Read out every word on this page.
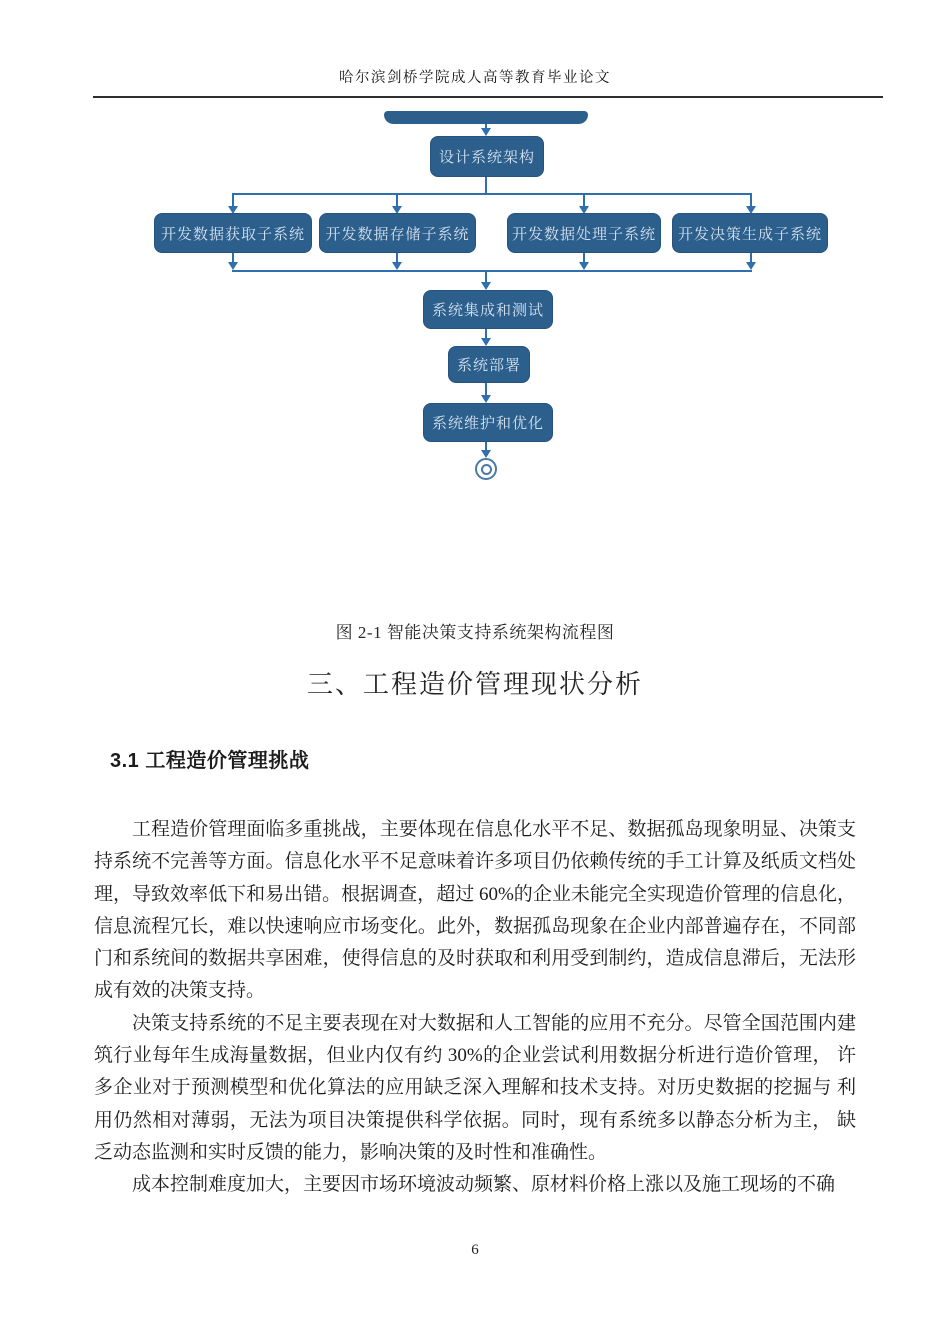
哈尔滨剑桥学院成人高等教育毕业论文
设计系统架构
开发数据获取子系统 开发数据存储子系统	开发数据处理子系统 开发决策生成子系统
系统集成和测试
系统部署
系统维护和优化
图 2-1 智能决策支持系统架构流程图
三、工程造价管理现状分析
3.1 工程造价管理挑战

工程造价管理面临多重挑战，主要体现在信息化水平不足、数据孤岛现象明显、决策支持系统不完善等方面。信息化水平不足意味着许多项目仍依赖传统的手工计算及纸质文档处理，导致效率低下和易出错。根据调查，超过 60%的企业未能完全实现造价管理的信息化，信息流程冗长，难以快速响应市场变化。此外，数据孤岛现象在企业内部普遍存在，不同部门和系统间的数据共享困难，使得信息的及时获取和利用受到制约，造成信息滞后，无法形成有效的决策支持。

决策支持系统的不足主要表现在对大数据和人工智能的应用不充分。尽管全国范围内建筑行业每年生成海量数据，但业内仅有约 30%的企业尝试利用数据分析进行造价管理， 许多企业对于预测模型和优化算法的应用缺乏深入理解和技术支持。对历史数据的挖掘与 利用仍然相对薄弱，无法为项目决策提供科学依据。同时，现有系统多以静态分析为主， 缺乏动态监测和实时反馈的能力，影响决策的及时性和准确性。

成本控制难度加大，主要因市场环境波动频繁、原材料价格上涨以及施工现场的不确

6
